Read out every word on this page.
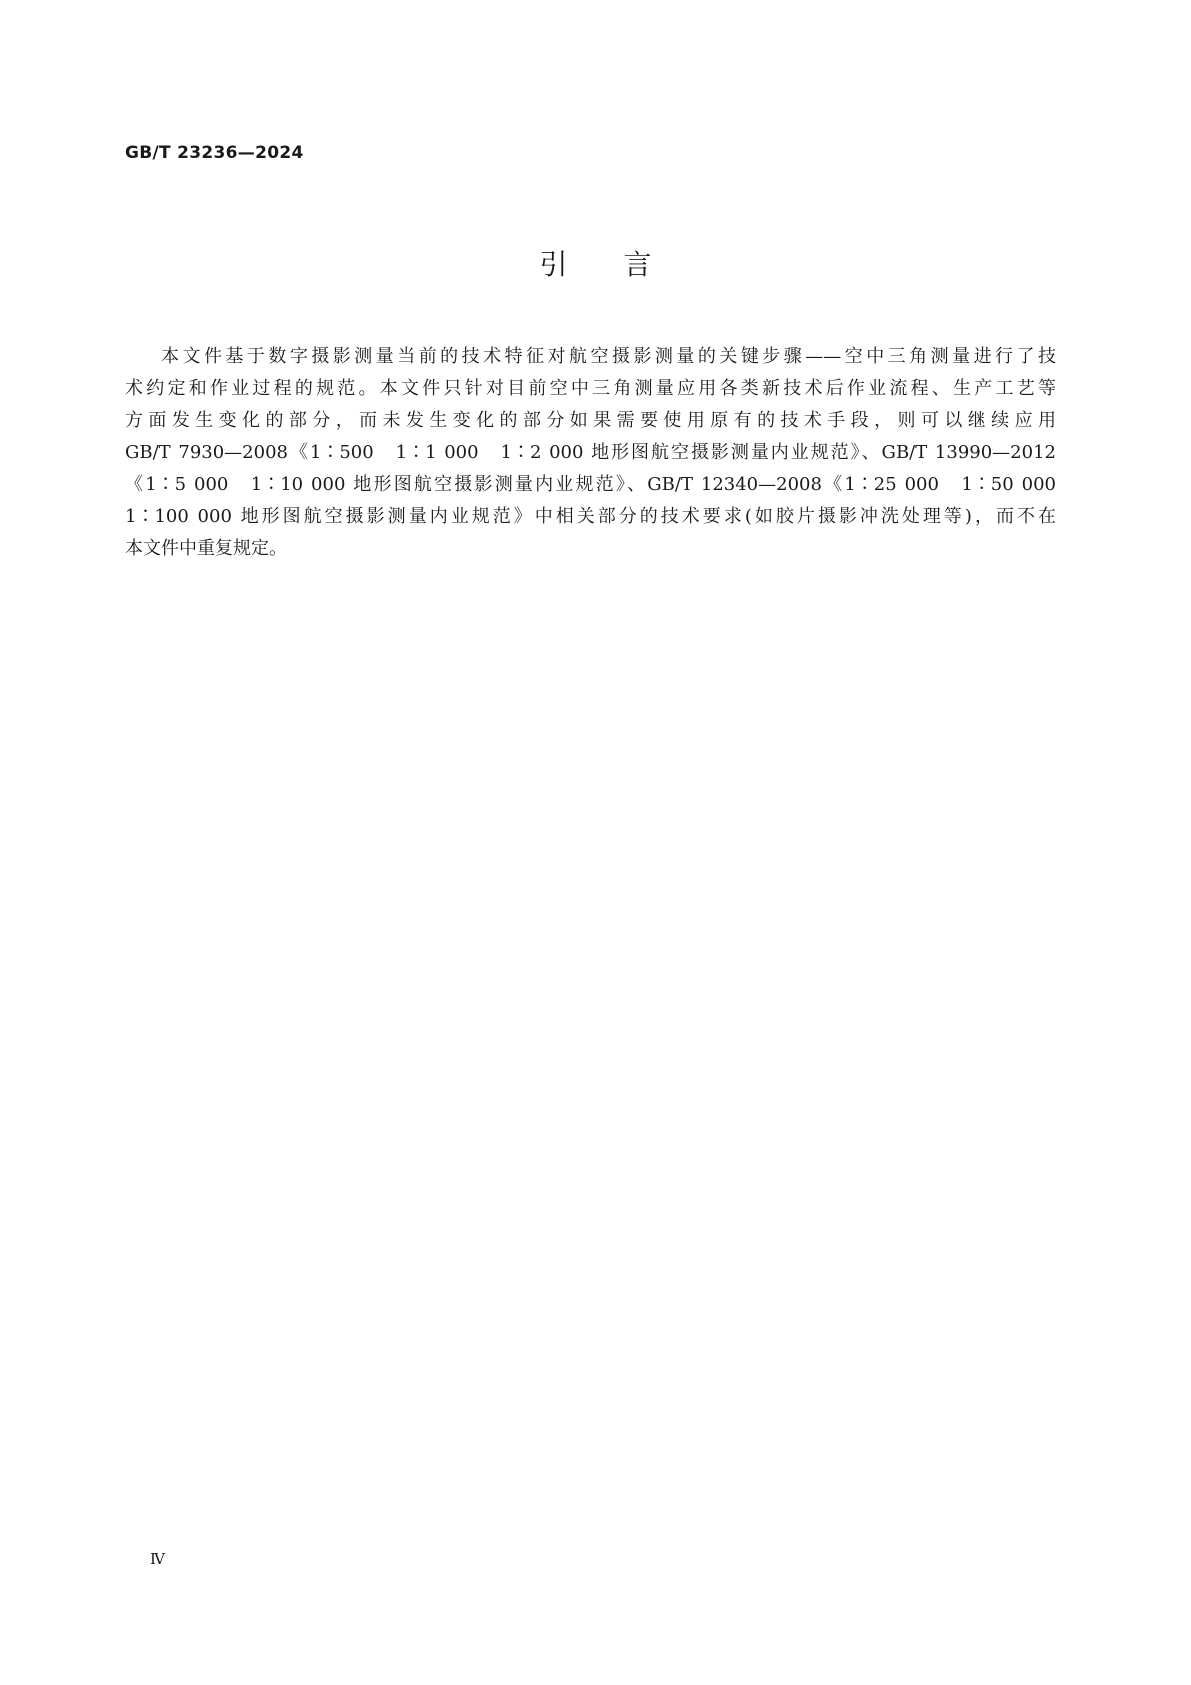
GB/T 23236—2024
引言
本文件基于数字摄影测量当前的技术特征对航空摄影测量的关键步骤——空中三角测量进行了技
术约定和作业过程的规范。本文件只针对目前空中三角测量应用各类新技术后作业流程、生产工艺等
方面发生变化的部分，而未发生变化的部分如果需要使用原有的技术手段，则可以继续应用
GB/T 7930—2008《1∶500　1∶1 000　1∶2 000 地形图航空摄影测量内业规范》、GB/T 13990—2012
《1∶5 000　1∶10 000 地形图航空摄影测量内业规范》、GB/T 12340—2008《1∶25 000　1∶50 000
1∶100 000 地形图航空摄影测量内业规范》中相关部分的技术要求(如胶片摄影冲洗处理等)，而不在
本文件中重复规定。
Ⅳ
